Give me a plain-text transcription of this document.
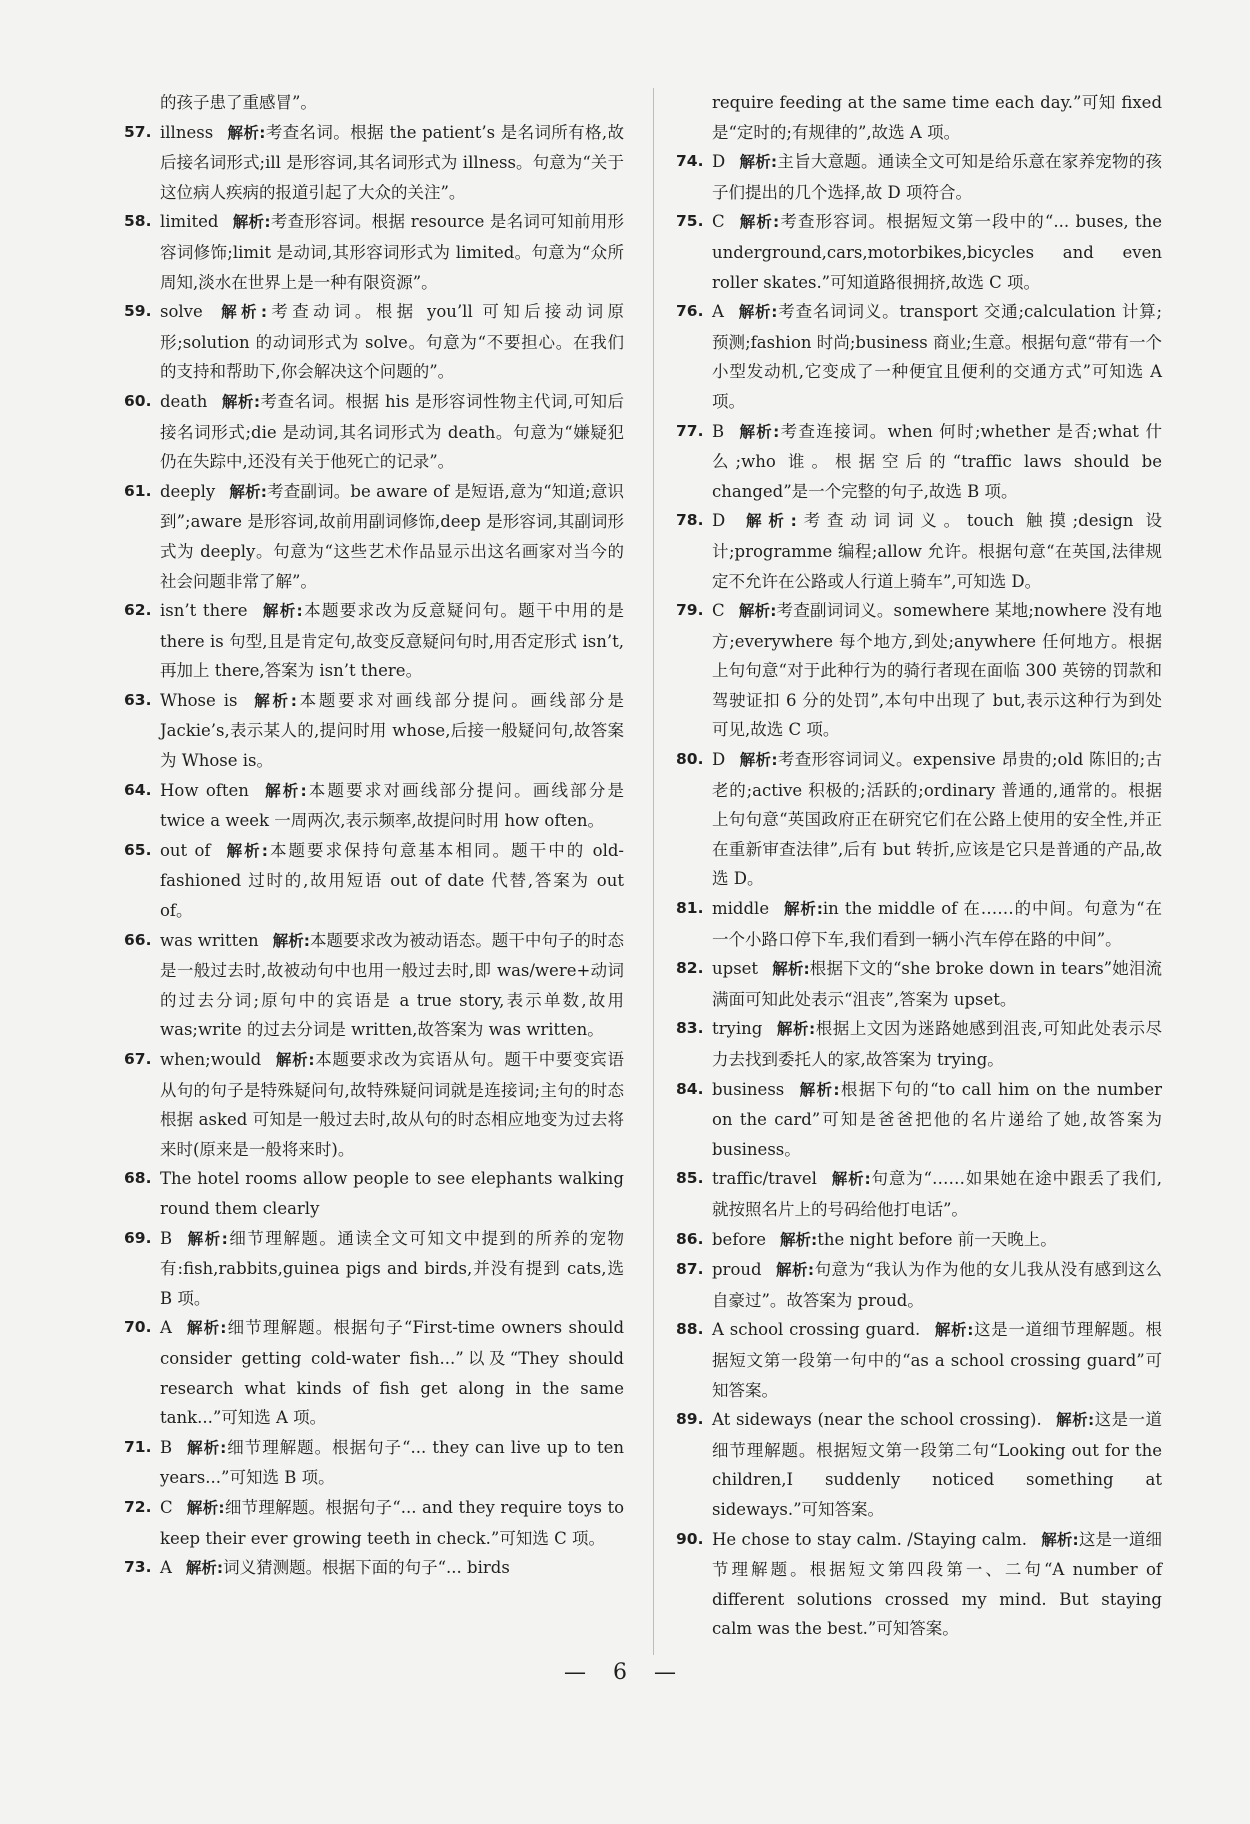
的孩子患了重感冒”。
57. illness 解析:考查名词。根据 the patient’s 是名词所有格,故后接名词形式;ill 是形容词,其名词形式为 illness。句意为“关于这位病人疾病的报道引起了大众的关注”。
58. limited 解析:考查形容词。根据 resource 是名词可知前用形容词修饰;limit 是动词,其形容词形式为 limited。句意为“众所周知,淡水在世界上是一种有限资源”。
59. solve 解析:考查动词。根据 you’ll 可知后接动词原形;solution 的动词形式为 solve。句意为“不要担心。在我们的支持和帮助下,你会解决这个问题的”。
60. death 解析:考查名词。根据 his 是形容词性物主代词,可知后接名词形式;die 是动词,其名词形式为 death。句意为“嫌疑犯仍在失踪中,还没有关于他死亡的记录”。
61. deeply 解析:考查副词。be aware of 是短语,意为“知道;意识到”;aware 是形容词,故前用副词修饰,deep 是形容词,其副词形式为 deeply。句意为“这些艺术作品显示出这名画家对当今的社会问题非常了解”。
62. isn’t there 解析:本题要求改为反意疑问句。题干中用的是 there is 句型,且是肯定句,故变反意疑问句时,用否定形式 isn’t,再加上 there,答案为 isn’t there。
63. Whose is 解析:本题要求对画线部分提问。画线部分是 Jackie’s,表示某人的,提问时用 whose,后接一般疑问句,故答案为 Whose is。
64. How often 解析:本题要求对画线部分提问。画线部分是 twice a week 一周两次,表示频率,故提问时用 how often。
65. out of 解析:本题要求保持句意基本相同。题干中的 old-fashioned 过时的,故用短语 out of date 代替,答案为 out of。
66. was written 解析:本题要求改为被动语态。题干中句子的时态是一般过去时,故被动句中也用一般过去时,即 was/were+动词的过去分词;原句中的宾语是 a true story,表示单数,故用 was;write 的过去分词是 written,故答案为 was written。
67. when;would 解析:本题要求改为宾语从句。题干中要变宾语从句的句子是特殊疑问句,故特殊疑问词就是连接词;主句的时态根据 asked 可知是一般过去时,故从句的时态相应地变为过去将来时(原来是一般将来时)。
68. The hotel rooms allow people to see elephants walking round them clearly
69. B 解析:细节理解题。通读全文可知文中提到的所养的宠物有:fish,rabbits,guinea pigs and birds,并没有提到 cats,选 B 项。
70. A 解析:细节理解题。根据句子“First-time owners should consider getting cold-water fish...”以及“They should research what kinds of fish get along in the same tank...”可知选 A 项。
71. B 解析:细节理解题。根据句子“... they can live up to ten years...”可知选 B 项。
72. C 解析:细节理解题。根据句子“... and they require toys to keep their ever growing teeth in check.”可知选 C 项。
73. A 解析:词义猜测题。根据下面的句子“... birds
require feeding at the same time each day.”可知 fixed 是“定时的;有规律的”,故选 A 项。
74. D 解析:主旨大意题。通读全文可知是给乐意在家养宠物的孩子们提出的几个选择,故 D 项符合。
75. C 解析:考查形容词。根据短文第一段中的“... buses, the underground,cars,motorbikes,bicycles and even roller skates.”可知道路很拥挤,故选 C 项。
76. A 解析:考查名词词义。transport 交通;calculation 计算;预测;fashion 时尚;business 商业;生意。根据句意“带有一个小型发动机,它变成了一种便宜且便利的交通方式”可知选 A 项。
77. B 解析:考查连接词。when 何时;whether 是否;what 什么;who 谁。根据空后的“traffic laws should be changed”是一个完整的句子,故选 B 项。
78. D 解析:考查动词词义。touch 触摸;design 设计;programme 编程;allow 允许。根据句意“在英国,法律规定不允许在公路或人行道上骑车”,可知选 D。
79. C 解析:考查副词词义。somewhere 某地;nowhere 没有地方;everywhere 每个地方,到处;anywhere 任何地方。根据上句句意“对于此种行为的骑行者现在面临 300 英镑的罚款和驾驶证扣 6 分的处罚”,本句中出现了 but,表示这种行为到处可见,故选 C 项。
80. D 解析:考查形容词词义。expensive 昂贵的;old 陈旧的;古老的;active 积极的;活跃的;ordinary 普通的,通常的。根据上句句意“英国政府正在研究它们在公路上使用的安全性,并正在重新审查法律”,后有 but 转折,应该是它只是普通的产品,故选 D。
81. middle 解析:in the middle of 在……的中间。句意为“在一个小路口停下车,我们看到一辆小汽车停在路的中间”。
82. upset 解析:根据下文的“she broke down in tears”她泪流满面可知此处表示“沮丧”,答案为 upset。
83. trying 解析:根据上文因为迷路她感到沮丧,可知此处表示尽力去找到委托人的家,故答案为 trying。
84. business 解析:根据下句的“to call him on the number on the card”可知是爸爸把他的名片递给了她,故答案为 business。
85. traffic/travel 解析:句意为“……如果她在途中跟丢了我们,就按照名片上的号码给他打电话”。
86. before 解析:the night before 前一天晚上。
87. proud 解析:句意为“我认为作为他的女儿我从没有感到这么自豪过”。故答案为 proud。
88. A school crossing guard. 解析:这是一道细节理解题。根据短文第一段第一句中的“as a school crossing guard”可知答案。
89. At sideways (near the school crossing). 解析:这是一道细节理解题。根据短文第一段第二句“Looking out for the children,I suddenly noticed something at sideways.”可知答案。
90. He chose to stay calm. /Staying calm. 解析:这是一道细节理解题。根据短文第四段第一、二句“A number of different solutions crossed my mind. But staying calm was the best.”可知答案。
— 6 —
